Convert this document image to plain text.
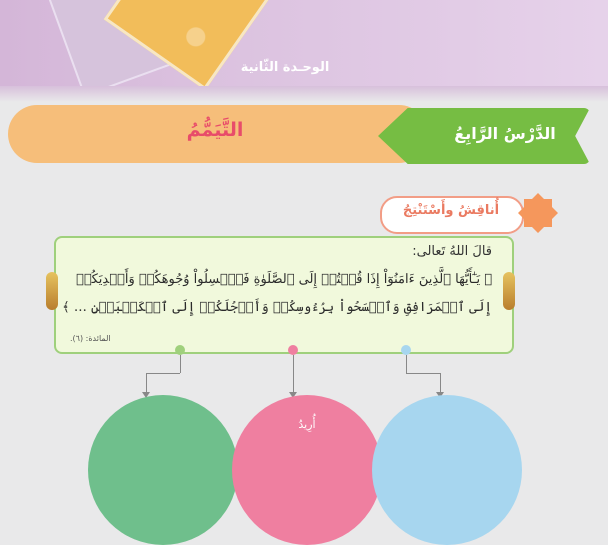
الوحـدة الثّانية
التَّيَمُّمُ	الدَّرْسُ الرَّابِعُ
أُناقِشُ وأَسْتَنْتِجُ
قالَ اللهُ تَعالى:
﴿ يَـٰٓأَيُّهَا ٱلَّذِينَ ءَامَنُوٓاْ إِذَا قُمۡتُمۡ إِلَى ٱلصَّلَوٰةِ فَٱغۡسِلُواْ وُجُوهَكُمۡ وَأَيۡدِيَكُمۡ
إِلَى ٱلۡمَرَافِقِ وَٱمۡسَحُواْ بِرُءُوسِكُمۡ وَأَرۡجُلَكُمۡ إِلَى ٱلۡكَعۡبَيۡنِ … ﴾
المائدة: (٦).
أُرِيدُ
